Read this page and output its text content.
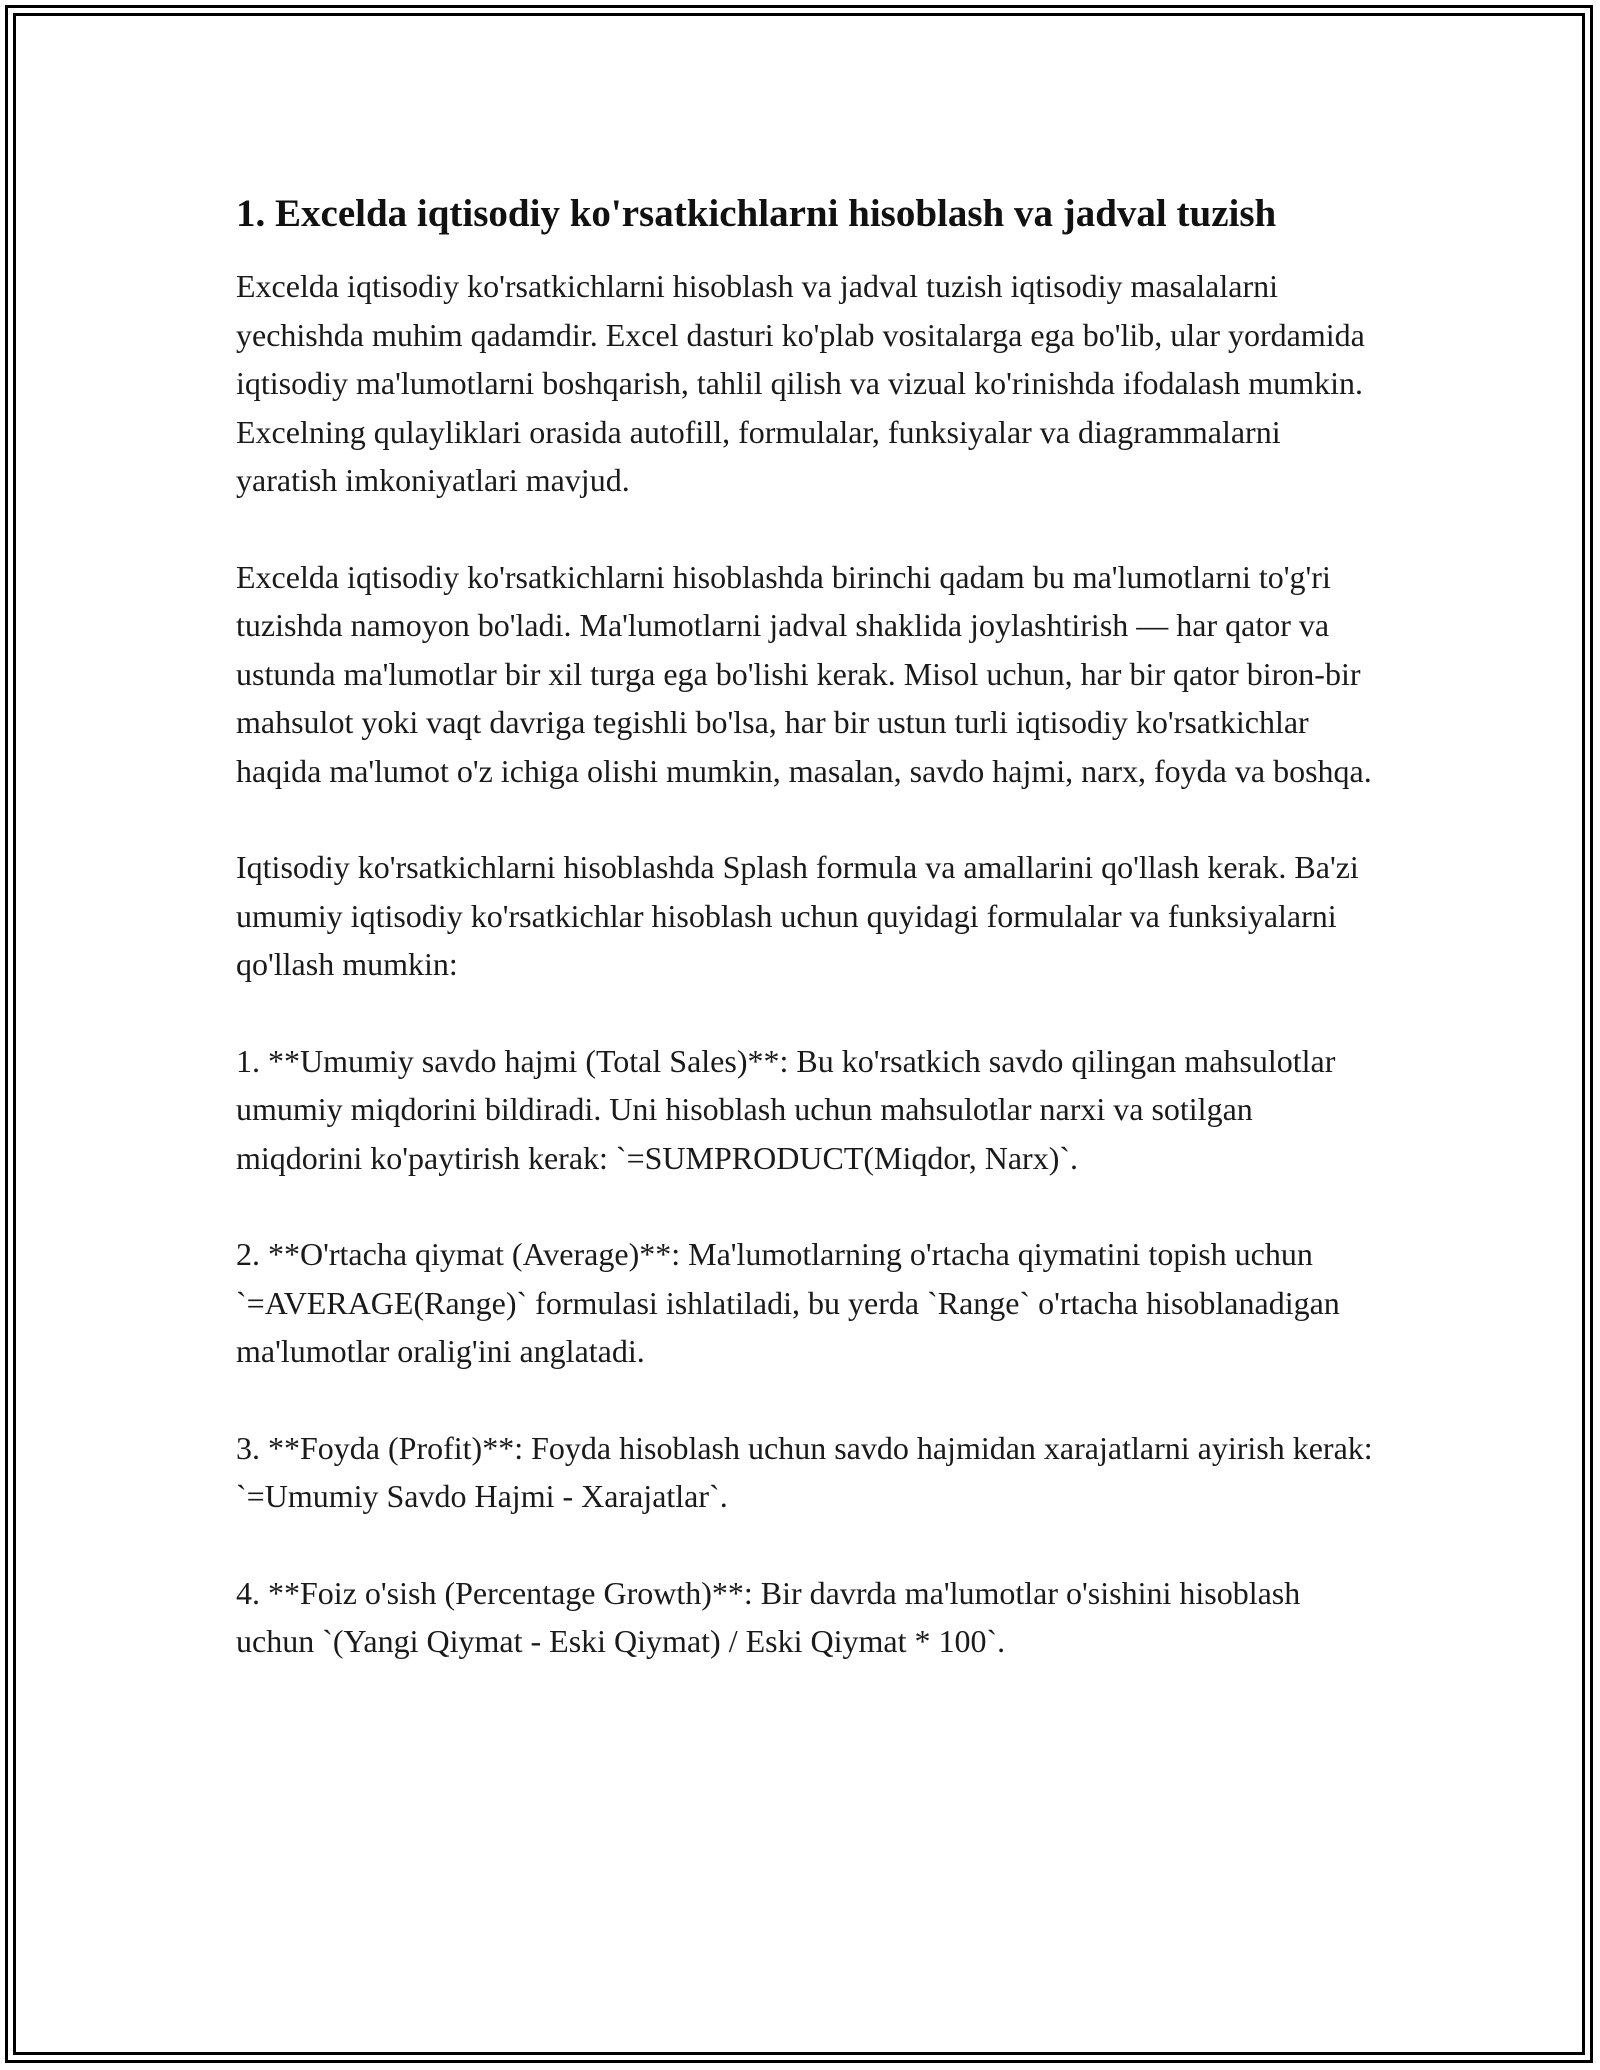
1. Excelda iqtisodiy ko'rsatkichlarni hisoblash va jadval tuzish

Excelda iqtisodiy ko'rsatkichlarni hisoblash va jadval tuzish iqtisodiy masalalarni yechishda muhim qadamdir. Excel dasturi ko'plab vositalarga ega bo'lib, ular yordamida iqtisodiy ma'lumotlarni boshqarish, tahlil qilish va vizual ko'rinishda ifodalash mumkin. Excelning qulayliklari orasida autofill, formulalar, funksiyalar va diagrammalarni yaratish imkoniyatlari mavjud.

Excelda iqtisodiy ko'rsatkichlarni hisoblashda birinchi qadam bu ma'lumotlarni to'g'ri tuzishda namoyon bo'ladi. Ma'lumotlarni jadval shaklida joylashtirish — har qator va ustunda ma'lumotlar bir xil turga ega bo'lishi kerak. Misol uchun, har bir qator biron-bir mahsulot yoki vaqt davriga tegishli bo'lsa, har bir ustun turli iqtisodiy ko'rsatkichlar haqida ma'lumot o'z ichiga olishi mumkin, masalan, savdo hajmi, narx, foyda va boshqa.

Iqtisodiy ko'rsatkichlarni hisoblashda Splash formula va amallarini qo'llash kerak. Ba'zi umumiy iqtisodiy ko'rsatkichlar hisoblash uchun quyidagi formulalar va funksiyalarni qo'llash mumkin:

1. **Umumiy savdo hajmi (Total Sales)**: Bu ko'rsatkich savdo qilingan mahsulotlar umumiy miqdorini bildiradi. Uni hisoblash uchun mahsulotlar narxi va sotilgan miqdorini ko'paytirish kerak: `=SUMPRODUCT(Miqdor, Narx)`.

2. **O'rtacha qiymat (Average)**: Ma'lumotlarning o'rtacha qiymatini topish uchun `=AVERAGE(Range)` formulasi ishlatiladi, bu yerda `Range` o'rtacha hisoblanadigan ma'lumotlar oralig'ini anglatadi.

3. **Foyda (Profit)**: Foyda hisoblash uchun savdo hajmidan xarajatlarni ayirish kerak: `=Umumiy Savdo Hajmi - Xarajatlar`.

4. **Foiz o'sish (Percentage Growth)**: Bir davrda ma'lumotlar o'sishini hisoblash uchun `(Yangi Qiymat - Eski Qiymat) / Eski Qiymat * 100`.
